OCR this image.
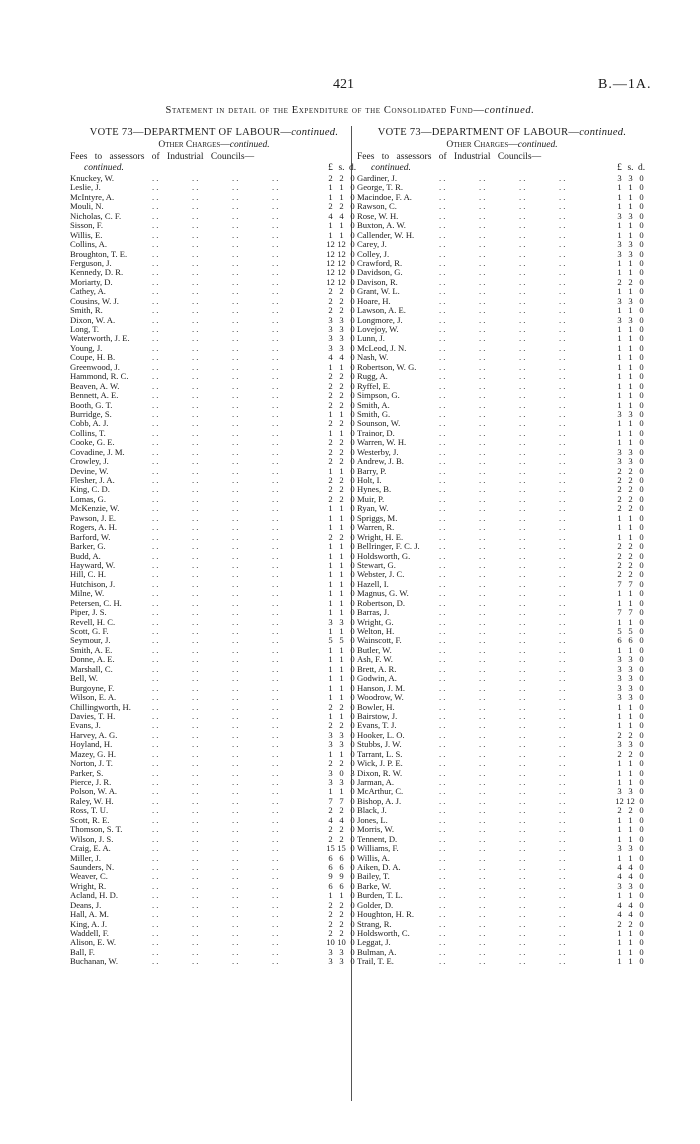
421	B.—1A.
Statement in detail of the Expenditure of the Consolidated Fund—continued.
VOTE 73—DEPARTMENT OF LABOUR—continued.
Other Charges—continued.
Fees to assessors of Industrial Councils—
continued.	£ s. d.
Knuckey, W.	. .	. .	. .	. .	2 2 0
Leslie, J.	. .	. .	. .	. .	1 1 0
McIntyre, A.	. .	. .	. .	. .	1 1 0
Mouli, N.	. .	. .	. .	. .	2 2 0
Nicholas, C. F.	. .	. .	. .	. .	4 4 0
Sisson, F.	. .	. .	. .	. .	1 1 0
Willis, E.	. .	. .	. .	. .	1 1 0
Collins, A.	. .	. .	. .	. .	12 12 0
Broughton, T. E.	. .	. .	. .	. .	12 12 0
Ferguson, J.	. .	. .	. .	. .	12 12 0
Kennedy, D. R.	. .	. .	. .	. .	12 12 0
Moriarty, D.	. .	. .	. .	. .	12 12 0
Cathey, A.	. .	. .	. .	. .	2 2 0
Cousins, W. J.	. .	. .	. .	. .	2 2 0
Smith, R.	. .	. .	. .	. .	2 2 0
Dixon, W. A.	. .	. .	. .	. .	3 3 0
Long, T.	. .	. .	. .	. .	3 3 0
Waterworth, J. E.	. .	. .	. .	. .	3 3 0
Young, J.	. .	. .	. .	. .	3 3 0
Coupe, H. B.	. .	. .	. .	. .	4 4 0
Greenwood, J.	. .	. .	. .	. .	1 1 0
Hammond, R. C.	. .	. .	. .	. .	2 2 0
Beaven, A. W.	. .	. .	. .	. .	2 2 0
Bennett, A. E.	. .	. .	. .	. .	2 2 0
Booth, G. T.	. .	. .	. .	. .	2 2 0
Burridge, S.	. .	. .	. .	. .	1 1 0
Cobb, A. J.	. .	. .	. .	. .	2 2 0
Collins, T.	. .	. .	. .	. .	1 1 0
Cooke, G. E.	. .	. .	. .	. .	2 2 0
Covadine, J. M.	. .	. .	. .	. .	2 2 0
Crowley, J.	. .	. .	. .	. .	2 2 0
Devine, W.	. .	. .	. .	. .	1 1 0
Flesher, J. A.	. .	. .	. .	. .	2 2 0
King, C. D.	. .	. .	. .	. .	2 2 0
Lomas, G.	. .	. .	. .	. .	2 2 0
McKenzie, W.	. .	. .	. .	. .	1 1 0
Pawson, J. E.	. .	. .	. .	. .	1 1 0
Rogers, A. H.	. .	. .	. .	. .	1 1 0
Barford, W.	. .	. .	. .	. .	2 2 0
Barker, G.	. .	. .	. .	. .	1 1 0
Budd, A.	. .	. .	. .	. .	1 1 0
Hayward, W.	. .	. .	. .	. .	1 1 0
Hill, C. H.	. .	. .	. .	. .	1 1 0
Hutchison, J.	. .	. .	. .	. .	1 1 0
Milne, W.	. .	. .	. .	. .	1 1 0
Petersen, C. H.	. .	. .	. .	. .	1 1 0
Piper, J. S.	. .	. .	. .	. .	1 1 0
Revell, H. C.	. .	. .	. .	. .	3 3 0
Scott, G. F.	. .	. .	. .	. .	1 1 0
Seymour, J.	. .	. .	. .	. .	5 5 0
Smith, A. E.	. .	. .	. .	. .	1 1 0
Donne, A. E.	. .	. .	. .	. .	1 1 0
Marshall, C.	. .	. .	. .	. .	1 1 0
Bell, W.	. .	. .	. .	. .	1 1 0
Burgoyne, F.	. .	. .	. .	. .	1 1 0
Wilson, E. A.	. .	. .	. .	. .	1 1 0
Chillingworth, H. . .	. .	. .	. .	2 2 0
Davies, T. H.	. .	. .	. .	. .	1 1 0
Evans, J.	. .	. .	. .	. .	2 2 0
Harvey, A. G.	. .	. .	. .	. .	3 3 0
Hoyland, H.	. .	. .	. .	. .	3 3 0
Mazey, G. H.	. .	. .	. .	. .	1 1 0
Norton, J. T.	. .	. .	. .	. .	2 2 0
Parker, S.	. .	. .	. .	. .	3 0 3
Pierce, J. R.	. .	. .	. .	. .	3 3 0
Polson, W. A.	. .	. .	. .	. .	1 1 0
Raley, W. H.	. .	. .	. .	. .	7 7 0
Ross, T. U.	. .	. .	. .	. .	2 2 0
Scott, R. E.	. .	. .	. .	. .	4 4 0
Thomson, S. T.	. .	. .	. .	. .	2 2 0
Wilson, J. S.	. .	. .	. .	. .	2 2 0
Craig, E. A.	. .	. .	. .	. .	15 15 0
Miller, J.	. .	. .	. .	. .	6 6 0
Saunders, N.	. .	. .	. .	. .	6 6 0
Weaver, C.	. .	. .	. .	. .	9 9 0
Wright, R.	. .	. .	. .	. .	6 6 0
Acland, H. D.	. .	. .	. .	. .	1 1 0
Deans, J.	. .	. .	. .	. .	2 2 0
Hall, A. M.	. .	. .	. .	. .	2 2 0
King, A. J.	. .	. .	. .	. .	2 2 0
Waddell, F.	. .	. .	. .	. .	2 2 0
Alison, E. W.	. .	. .	. .	. .	10 10 0
Ball, F.	. .	. .	. .	. .	3 3 0
Buchanan, W.	. .	. .	. .	. .	3 3 0
VOTE 73—DEPARTMENT OF LABOUR—continued.
Other Charges—continued.
Fees to assessors of Industrial Councils—
continued.	£ s. d.
Gardiner, J.	. .	. .	. .	. .	3 3 0
George, T. R.	. .	. .	. .	. .	1 1 0
Macindoe, F. A.	. .	. .	. .	. .	1 1 0
Rawson, C.	. .	. .	. .	. .	1 1 0
Rose, W. H.	. .	. .	. .	. .	3 3 0
Buxton, A. W.	. .	. .	. .	. .	1 1 0
Callender, W. H.	. .	. .	. .	. .	1 1 0
Carey, J.	. .	. .	. .	. .	3 3 0
Colley, J.	. .	. .	. .	. .	3 3 0
Crawford, R.	. .	. .	. .	. .	1 1 0
Davidson, G.	. .	. .	. .	. .	1 1 0
Davison, R.	. .	. .	. .	. .	2 2 0
Grant, W. L.	. .	. .	. .	. .	1 1 0
Hoare, H.	. .	. .	. .	. .	3 3 0
Lawson, A. E.	. .	. .	. .	. .	1 1 0
Longmore, J.	. .	. .	. .	. .	3 3 0
Lovejoy, W.	. .	. .	. .	. .	1 1 0
Lunn, J.	. .	. .	. .	. .	1 1 0
McLeod, J. N.	. .	. .	. .	. .	1 1 0
Nash, W.	. .	. .	. .	. .	1 1 0
Robertson, W. G.	. .	. .	. .	. .	1 1 0
Rugg, A.	. .	. .	. .	. .	1 1 0
Ryffel, E.	. .	. .	. .	. .	1 1 0
Simpson, G.	. .	. .	. .	. .	1 1 0
Smith, A.	. .	. .	. .	. .	1 1 0
Smith, G.	. .	. .	. .	. .	3 3 0
Sounson, W.	. .	. .	. .	. .	1 1 0
Trainor, D.	. .	. .	. .	. .	1 1 0
Warren, W. H.	. .	. .	. .	. .	1 1 0
Westerby, J.	. .	. .	. .	. .	3 3 0
Andrew, J. B.	. .	. .	. .	. .	3 3 0
Barry, P.	. .	. .	. .	. .	2 2 0
Holt, I.	. .	. .	. .	. .	2 2 0
Hynes, B.	. .	. .	. .	. .	2 2 0
Muir, P.	. .	. .	. .	. .	2 2 0
Ryan, W.	. .	. .	. .	. .	2 2 0
Spriggs, M.	. .	. .	. .	. .	1 1 0
Warren, R.	. .	. .	. .	. .	1 1 0
Wright, H. E.	. .	. .	. .	. .	1 1 0
Bellringer, F. C. J. . .	. .	. .	. .	2 2 0
Holdsworth, G.	. .	. .	. .	. .	2 2 0
Stewart, G.	. .	. .	. .	. .	2 2 0
Webster, J. C.	. .	. .	. .	. .	2 2 0
Hazell, I.	. .	. .	. .	. .	7 7 0
Magnus, G. W.	. .	. .	. .	. .	1 1 0
Robertson, D.	. .	. .	. .	. .	1 1 0
Barras, J.	. .	. .	. .	. .	7 7 0
Wright, G.	. .	. .	. .	. .	1 1 0
Welton, H.	. .	. .	. .	. .	5 5 0
Wainscott, F.	. .	. .	. .	. .	6 6 0
Butler, W.	. .	. .	. .	. .	1 1 0
Ash, F. W.	. .	. .	. .	. .	3 3 0
Brett, A. R.	. .	. .	. .	. .	3 3 0
Godwin, A.	. .	. .	. .	. .	3 3 0
Hanson, J. M.	. .	. .	. .	. .	3 3 0
Woodrow, W.	. .	. .	. .	. .	3 3 0
Bowler, H.	. .	. .	. .	. .	1 1 0
Bairstow, J.	. .	. .	. .	. .	1 1 0
Evans, T. J.	. .	. .	. .	. .	1 1 0
Hooker, L. O.	. .	. .	. .	. .	2 2 0
Stubbs, J. W.	. .	. .	. .	. .	3 3 0
Tarrant, L. S.	. .	. .	. .	. .	2 2 0
Wick, J. P. E.	. .	. .	. .	. .	1 1 0
Dixon, R. W.	. .	. .	. .	. .	1 1 0
Jarman, A.	. .	. .	. .	. .	1 1 0
McArthur, C.	. .	. .	. .	. .	3 3 0
Bishop, A. J.	. .	. .	. .	. .	12 12 0
Black, J.	. .	. .	. .	. .	2 2 0
Jones, L.	. .	. .	. .	. .	1 1 0
Morris, W.	. .	. .	. .	. .	1 1 0
Tennent, D.	. .	. .	. .	. .	1 1 0
Williams, F.	. .	. .	. .	. .	3 3 0
Willis, A.	. .	. .	. .	. .	1 1 0
Aiken, D. A.	. .	. .	. .	. .	4 4 0
Bailey, T.	. .	. .	. .	. .	4 4 0
Barke, W.	. .	. .	. .	. .	3 3 0
Burden, T. L.	. .	. .	. .	. .	1 1 0
Golder, D.	. .	. .	. .	. .	4 4 0
Houghton, H. R.	. .	. .	. .	. .	4 4 0
Strang, R.	. .	. .	. .	. .	2 2 0
Holdsworth, C.	. .	. .	. .	. .	1 1 0
Leggat, J.	. .	. .	. .	. .	1 1 0
Bulman, A.	. .	. .	. .	. .	1 1 0
Trail, T. E.	. .	. .	. .	. .	1 1 0
